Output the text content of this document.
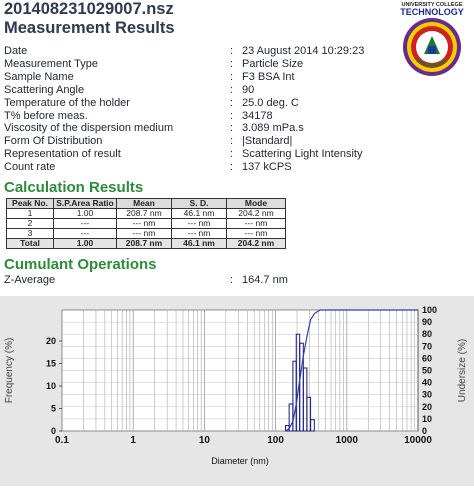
201408231029007.nsz
Measurement Results
UNIVERSITY COLLEGE
TECHNOLOGY
Date	: 23 August 2014 10:29:23
Measurement Type	: Particle Size
Sample Name	: F3 BSA Int
Scattering Angle	: 90
Temperature of the holder	: 25.0 deg. C
T% before meas.	: 34178
Viscosity of the dispersion medium	: 3.089 mPa.s
Form Of Distribution	: |Standard|
Representation of result	: Scattering Light Intensity
Count rate	: 137 kCPS
Calculation Results
Peak No.	S.P.Area Ratio	Mean	S. D.	Mode
1	1.00	208.7 nm	46.1 nm	204.2 nm
2	---	--- nm	--- nm	--- nm
3	---	--- nm	--- nm	--- nm
Total	1.00	208.7 nm	46.1 nm	204.2 nm
Cumulant Operations
Z-Average	: 164.7 nm
0
10
20
30
40
50
60
70
80
90
100
0
5
10
15
20
0.1	1	10	100	1000	10000
Diameter (nm)
Frequency (%)	Undersize (%)
